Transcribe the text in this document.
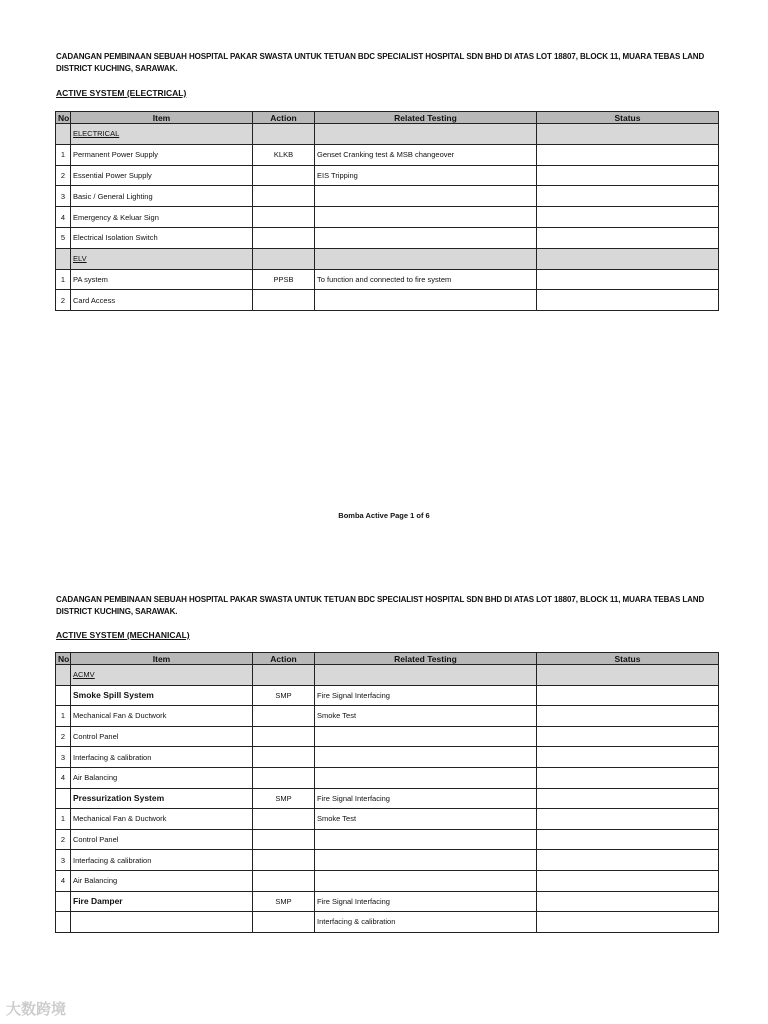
CADANGAN PEMBINAAN SEBUAH HOSPITAL PAKAR SWASTA UNTUK TETUAN BDC SPECIALIST HOSPITAL SDN BHD DI ATAS LOT 18807, BLOCK 11, MUARA TEBAS LAND DISTRICT KUCHING, SARAWAK.
ACTIVE SYSTEM (ELECTRICAL)
No	Item	Action	Related Testing	Status
	ELECTRICAL			
1	Permanent Power Supply	KLKB	Genset Cranking test & MSB changeover	
2	Essential Power Supply		EIS Tripping	
3	Basic / General Lighting			
4	Emergency & Keluar Sign			
5	Electrical Isolation Switch			
	ELV			
1	PA system	PPSB	To function and connected to fire system	
2	Card Access			
Bomba Active Page 1 of 6
CADANGAN PEMBINAAN SEBUAH HOSPITAL PAKAR SWASTA UNTUK TETUAN BDC SPECIALIST HOSPITAL SDN BHD DI ATAS LOT 18807, BLOCK 11, MUARA TEBAS LAND DISTRICT KUCHING, SARAWAK.
ACTIVE SYSTEM (MECHANICAL)
No	Item	Action	Related Testing	Status
	ACMV			
	Smoke Spill System	SMP	Fire Signal Interfacing	
1	Mechanical Fan & Ductwork		Smoke Test	
2	Control Panel			
3	Interfacing & calibration			
4	Air Balancing			
	Pressurization System	SMP	Fire Signal Interfacing	
1	Mechanical Fan & Ductwork		Smoke Test	
2	Control Panel			
3	Interfacing & calibration			
4	Air Balancing			
	Fire Damper	SMP	Fire Signal Interfacing	
			Interfacing & calibration	
大数跨境
